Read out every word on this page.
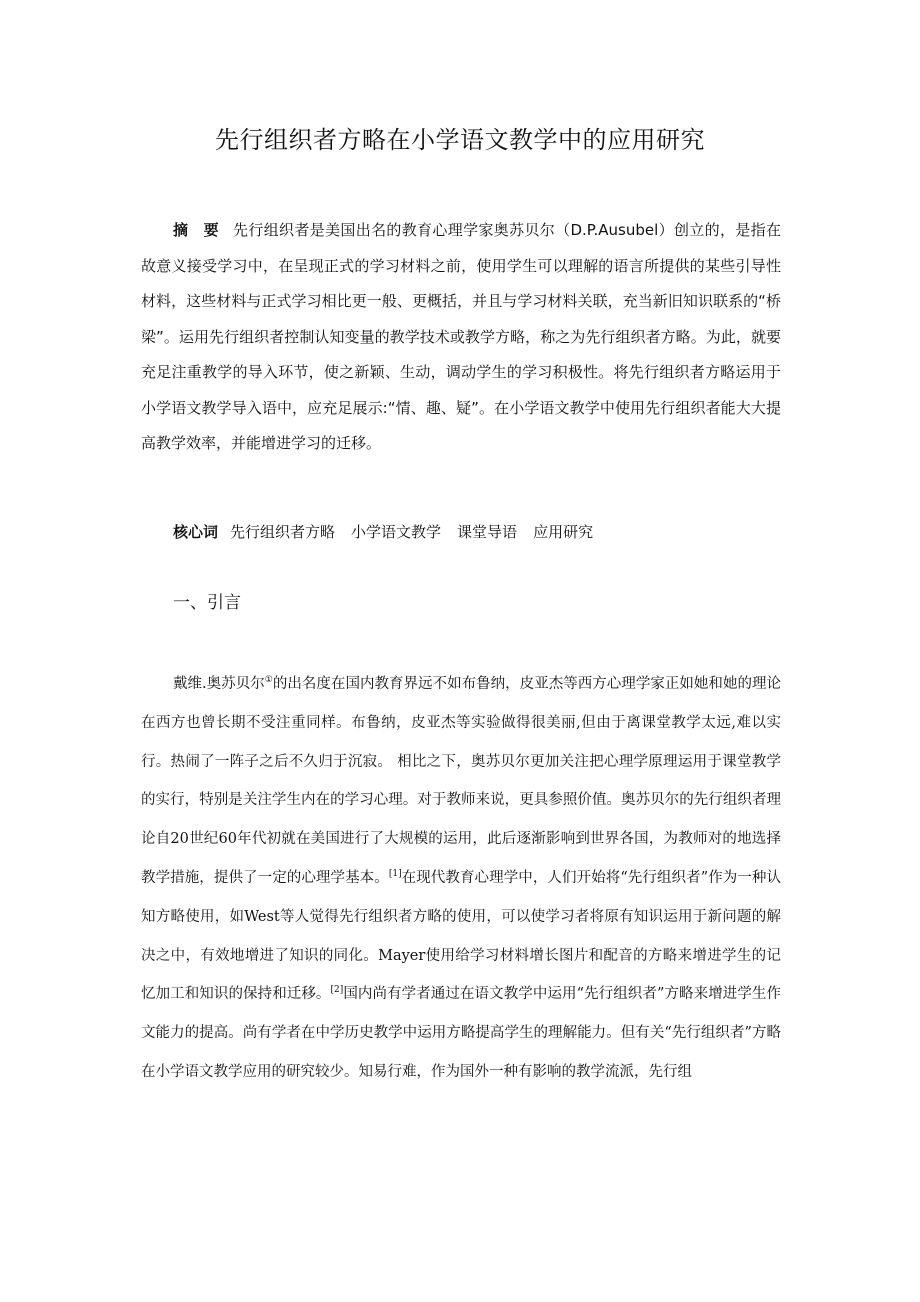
先行组织者方略在小学语文教学中的应用研究

摘　要 先行组织者是美国出名的教育心理学家奥苏贝尔（D.P.Ausubel）创立的，是指在故意义接受学习中，在呈现正式的学习材料之前，使用学生可以理解的语言所提供的某些引导性材料，这些材料与正式学习相比更一般、更概括，并且与学习材料关联，充当新旧知识联系的“桥梁”。运用先行组织者控制认知变量的教学技术或教学方略，称之为先行组织者方略。为此，就要充足注重教学的导入环节，使之新颖、生动，调动学生的学习积极性。将先行组织者方略运用于小学语文教学导入语中，应充足展示:“情、趣、疑”。在小学语文教学中使用先行组织者能大大提高教学效率，并能增进学习的迁移。

核心词 先行组织者方略 小学语文教学 课堂导语 应用研究

一、引言

戴维.奥苏贝尔①的出名度在国内教育界远不如布鲁纳，皮亚杰等西方心理学家正如她和她的理论在西方也曾长期不受注重同样。布鲁纳，皮亚杰等实验做得很美丽,但由于离课堂教学太远,难以实行。热闹了一阵子之后不久归于沉寂。 相比之下，奥苏贝尔更加关注把心理学原理运用于课堂教学的实行，特别是关注学生内在的学习心理。对于教师来说，更具参照价值。奥苏贝尔的先行组织者理论自20世纪60年代初就在美国进行了大规模的运用，此后逐渐影响到世界各国，为教师对的地选择教学措施，提供了一定的心理学基本。[1]在现代教育心理学中，人们开始将“先行组织者”作为一种认知方略使用，如West等人觉得先行组织者方略的使用，可以使学习者将原有知识运用于新问题的解决之中，有效地增进了知识的同化。Mayer使用给学习材料增长图片和配音的方略来增进学生的记忆加工和知识的保持和迁移。[2]国内尚有学者通过在语文教学中运用“先行组织者”方略来增进学生作文能力的提高。尚有学者在中学历史教学中运用方略提高学生的理解能力。但有关“先行组织者”方略在小学语文教学应用的研究较少。知易行难，作为国外一种有影响的教学流派，先行组
